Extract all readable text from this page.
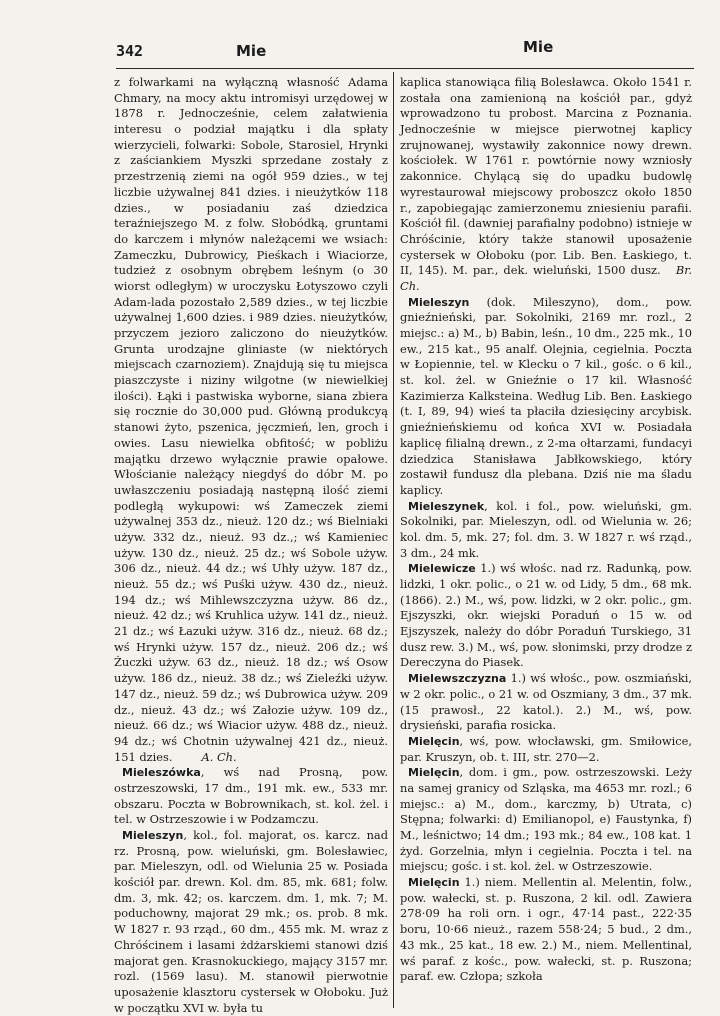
342	Mie	Mie

z folwarkami na wyłączną własność Adama Chmary, na mocy aktu intromisyi urzędowej w 1878 r. Jednocześnie, celem załatwienia interesu o podział majątku i dla spłaty wierzycieli, folwarki: Sobole, Starosiel, Hrynki z zaściankiem Myszki sprzedane zostały z przestrzenią ziemi na ogół 959 dzies., w tej liczbie używalnej 841 dzies. i nieużytków 118 dzies., w posiadaniu zaś dziedzica teraźniejszego M. z folw. Słobódką, gruntami do karczem i młynów należącemi we wsiach: Zameczku, Dubrowicy, Pieśkach i Wiaciorze, tudzież z osobnym obrębem leśnym (o 30 wiorst odległym) w uroczysku Łotyszowo czyli Adam-lada pozostało 2,589 dzies., w tej liczbie używalnej 1,600 dzies. i 989 dzies. nieużytków, przyczem jezioro zaliczono do nieużytków. Grunta urodzajne gliniaste (w niektórych miejscach czarnoziem). Znajdują się tu miejsca piaszczyste i niziny wilgotne (w niewielkiej ilości). Łąki i pastwiska wyborne, siana zbiera się rocznie do 30,000 pud. Główną produkcyą stanowi żyto, pszenica, jęczmień, len, groch i owies. Lasu niewielka obfitość; w pobliżu majątku drzewo wyłącznie prawie opałowe. Włościanie należący niegdyś do dóbr M. po uwłaszczeniu posiadają następną ilość ziemi podległą wykupowi: wś Zameczek ziemi używalnej 353 dz., nieuż. 120 dz.; wś Bielniaki używ. 332 dz., nieuż. 93 dz.,; wś Kamieniec używ. 130 dz., nieuż. 25 dz.; wś Sobole używ. 306 dz., nieuż. 44 dz.; wś Uhły używ. 187 dz., nieuż. 55 dz.; wś Puśki używ. 430 dz., nieuż. 194 dz.; wś Mihlewszczyzna używ. 86 dz., nieuż. 42 dz.; wś Kruhlica używ. 141 dz., nieuż. 21 dz.; wś Łazuki używ. 316 dz., nieuż. 68 dz.; wś Hrynki używ. 157 dz., nieuż. 206 dz.; wś Żuczki używ. 63 dz., nieuż. 18 dz.; wś Osow używ. 186 dz., nieuż. 38 dz.; wś Zieleźki używ. 147 dz., nieuż. 59 dz.; wś Dubrowica używ. 209 dz., nieuż. 43 dz.; wś Załozie używ. 109 dz., nieuż. 66 dz.; wś Wiacior używ. 488 dz., nieuż. 94 dz.; wś Chotnin używalnej 421 dz., nieuż. 151 dzies.	A. Ch.

Mieleszówka, wś nad Prosną, pow. ostrzeszowski, 17 dm., 191 mk. ew., 533 mr. obszaru. Poczta w Bobrownikach, st. kol. żel. i tel. w Ostrzeszowie i w Podzamczu.

Mieleszyn, kol., fol. majorat, os. karcz. nad rz. Prosną, pow. wieluński, gm. Bolesławiec, par. Mieleszyn, odl. od Wielunia 25 w. Posiada kościół par. drewn. Kol. dm. 85, mk. 681; folw. dm. 3, mk. 42; os. karczem. dm. 1, mk. 7; M. poduchowny, majorat 29 mk.; os. prob. 8 mk. W 1827 r. 93 rząd., 60 dm., 455 mk. M. wraz z Chróścinem i lasami żdżarskiemi stanowi dziś majorat gen. Krasnokuckiego, mający 3157 mr. rozl. (1569 lasu). M. stanowił pierwotnie uposażenie klasztoru cystersek w Ołoboku. Już w początku XVI w. była tu

kaplica stanowiąca filią Bolesławca. Około 1541 r. została ona zamienioną na kościół par., gdyż wprowadzono tu probost. Marcina z Poznania. Jednocześnie w miejsce pierwotnej kaplicy zrujnowanej, wystawiły zakonnice nowy drewn. kościołek. W 1761 r. powtórnie nowy wzniosły zakonnice. Chylącą się do upadku budowlę wyrestaurował miejscowy proboszcz około 1850 r., zapobiegając zamierzonemu zniesieniu parafii. Kościół fil. (dawniej parafialny podobno) istnieje w Chróścinie, który także stanowił uposażenie cystersek w Ołoboku (por. Lib. Ben. Łaskiego, t. II, 145). M. par., dek. wieluński, 1500 dusz. Br. Ch.

Mieleszyn (dok. Mileszyno), dom., pow. gnieźnieński, par. Sokolniki, 2169 mr. rozl., 2 miejsc.: a) M., b) Babin, leśn., 10 dm., 225 mk., 10 ew., 215 kat., 95 analf. Olejnia, cegielnia. Poczta w Łopiennie, tel. w Klecku o 7 kil., gośc. o 6 kil., st. kol. żel. w Gnieźnie o 17 kil. Własność Kazimierza Kalksteina. Według Lib. Ben. Łaskiego (t. I, 89, 94) wieś ta płaciła dziesięciny arcybisk. gnieźnieńskiemu od końca XVI w. Posiadała kaplicę filialną drewn., z 2-ma ołtarzami, fundacyi dziedzica Stanisława Jabłkowskiego, który zostawił fundusz dla plebana. Dziś nie ma śladu kaplicy.

Mieleszynek, kol. i fol., pow. wieluński, gm. Sokolniki, par. Mieleszyn, odl. od Wielunia w. 26; kol. dm. 5, mk. 27; fol. dm. 3. W 1827 r. wś rząd., 3 dm., 24 mk.

Mielewicze 1.) wś włośc. nad rz. Radunką, pow. lidzki, 1 okr. polic., o 21 w. od Lidy, 5 dm., 68 mk. (1866). 2.) M., wś, pow. lidzki, w 2 okr. polic., gm. Ejszyszki, okr. wiejski Poraduń o 15 w. od Ejszyszek, należy do dóbr Poraduń Turskiego, 31 dusz rew. 3.) M., wś, pow. słonimski, przy drodze z Dereczyna do Piasek.

Mielewszczyzna 1.) wś włośc., pow. oszmiański, w 2 okr. polic., o 21 w. od Oszmiany, 3 dm., 37 mk. (15 prawosł., 22 katol.). 2.) M., wś, pow. drysieński, parafia rosicka.

Mielęcin, wś, pow. włocławski, gm. Smiłowice, par. Kruszyn, ob. t. III, str. 270—2.

Mielęcin, dom. i gm., pow. ostrzeszowski. Leży na samej granicy od Szląska, ma 4653 mr. rozl.; 6 miejsc.: a) M., dom., karczmy, b) Utrata, c) Stępna; folwarki: d) Emilianopol, e) Faustynka, f) M., leśnictwo; 14 dm.; 193 mk.; 84 ew., 108 kat. 1 żyd. Gorzelnia, młyn i cegielnia. Poczta i tel. na miejscu; gośc. i st. kol. żel. w Ostrzeszowie.

Mielęcin 1.) niem. Mellentin al. Melentin, folw., pow. wałecki, st. p. Ruszona, 2 kil. odl. Zawiera 278·09 ha roli orn. i ogr., 47·14 past., 222·35 boru, 10·66 nieuż., razem 558·24; 5 bud., 2 dm., 43 mk., 25 kat., 18 ew. 2.) M., niem. Mellentinal, wś paraf. z kośc., pow. wałecki, st. p. Ruszona; paraf. ew. Człopa; szkoła
